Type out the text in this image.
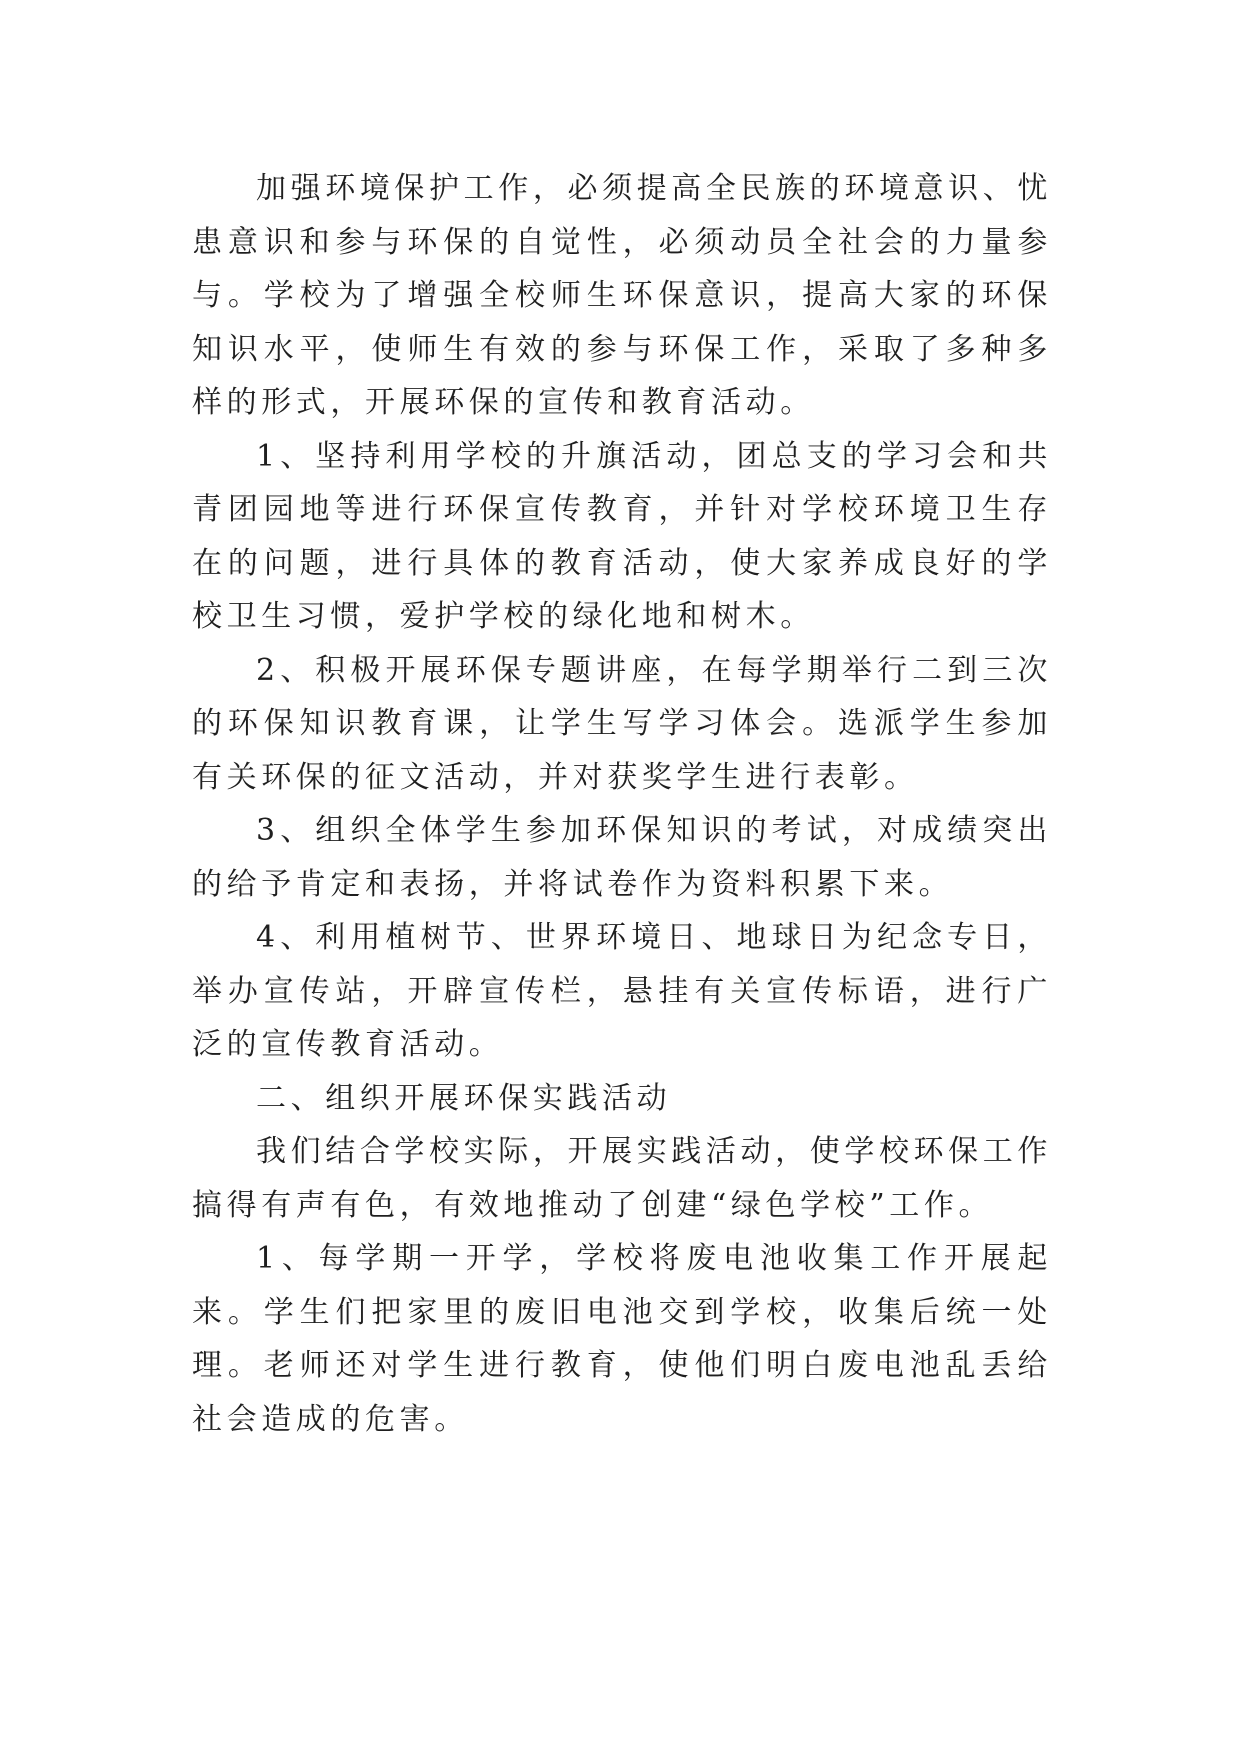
加强环境保护工作，必须提高全民族的环境意识、忧患意识和参与环保的自觉性，必须动员全社会的力量参与。学校为了增强全校师生环保意识，提高大家的环保知识水平，使师生有效的参与环保工作，采取了多种多样的形式，开展环保的宣传和教育活动。

1、坚持利用学校的升旗活动，团总支的学习会和共青团园地等进行环保宣传教育，并针对学校环境卫生存在的问题，进行具体的教育活动，使大家养成良好的学校卫生习惯，爱护学校的绿化地和树木。

2、积极开展环保专题讲座，在每学期举行二到三次的环保知识教育课，让学生写学习体会。选派学生参加有关环保的征文活动，并对获奖学生进行表彰。

3、组织全体学生参加环保知识的考试，对成绩突出的给予肯定和表扬，并将试卷作为资料积累下来。

4、利用植树节、世界环境日、地球日为纪念专日，举办宣传站，开辟宣传栏，悬挂有关宣传标语，进行广泛的宣传教育活动。

二、组织开展环保实践活动

我们结合学校实际，开展实践活动，使学校环保工作搞得有声有色，有效地推动了创建“绿色学校”工作。

1、每学期一开学，学校将废电池收集工作开展起来。学生们把家里的废旧电池交到学校，收集后统一处理。老师还对学生进行教育，使他们明白废电池乱丢给社会造成的危害。
